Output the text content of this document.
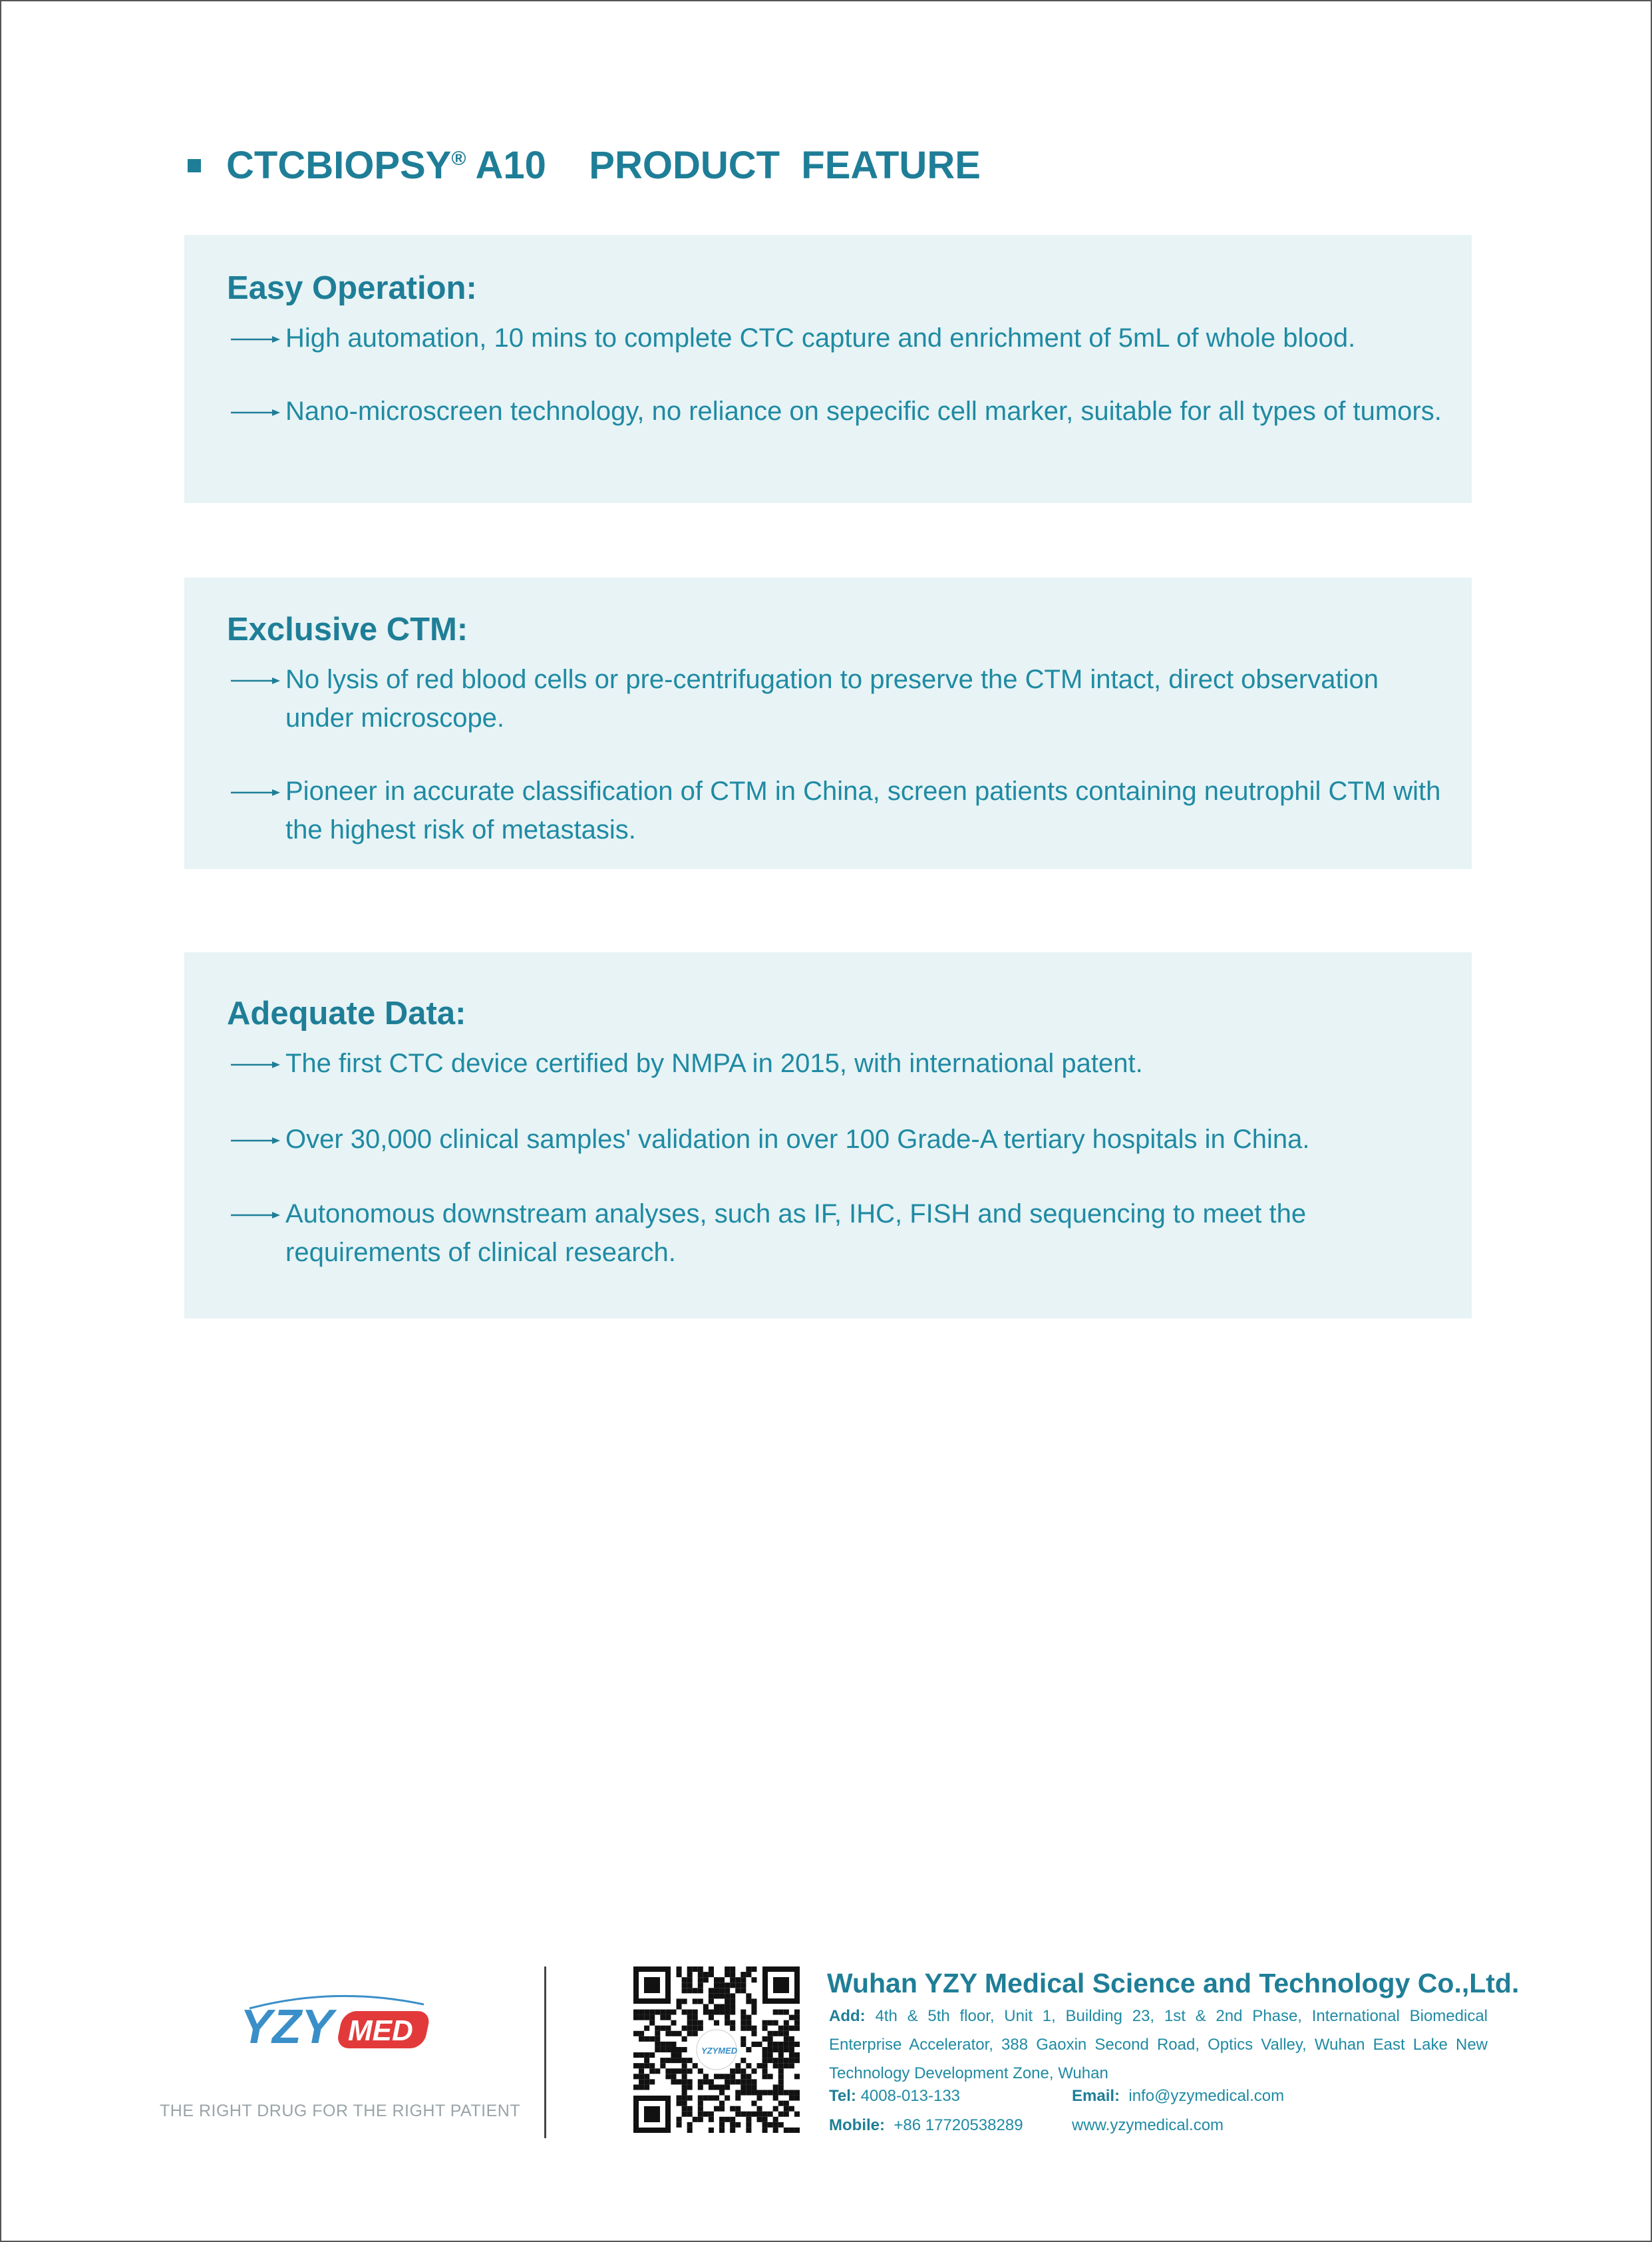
CTCBIOPSY® A10    PRODUCT  FEATURE
Easy Operation:
High automation, 10 mins to complete CTC capture and enrichment of 5mL of whole blood.
Nano-microscreen technology, no reliance on sepecific cell marker, suitable for all types of tumors.
Exclusive CTM:
No lysis of red blood cells or pre-centrifugation to preserve the CTM intact, direct observation under microscope.
Pioneer in accurate classification of CTM in China, screen patients containing neutrophil CTM with the highest risk of metastasis.
Adequate Data:
The first CTC device certified by NMPA in 2015, with international patent.
Over 30,000 clinical samples' validation in over 100 Grade-A tertiary hospitals in China.
Autonomous downstream analyses, such as IF, IHC, FISH and sequencing to meet the requirements of clinical research.
YZY MED
THE RIGHT DRUG FOR THE RIGHT PATIENT
YZYMED
Wuhan YZY Medical Science and Technology Co.,Ltd.
Add: 4th & 5th floor, Unit 1, Building 23, 1st & 2nd Phase, International Biomedical Enterprise Accelerator, 388 Gaoxin Second Road, Optics Valley, Wuhan East Lake New Technology Development Zone, Wuhan
Tel: 4008-013-133
Mobile: +86 17720538289
Email: info@yzymedical.com
www.yzymedical.com
